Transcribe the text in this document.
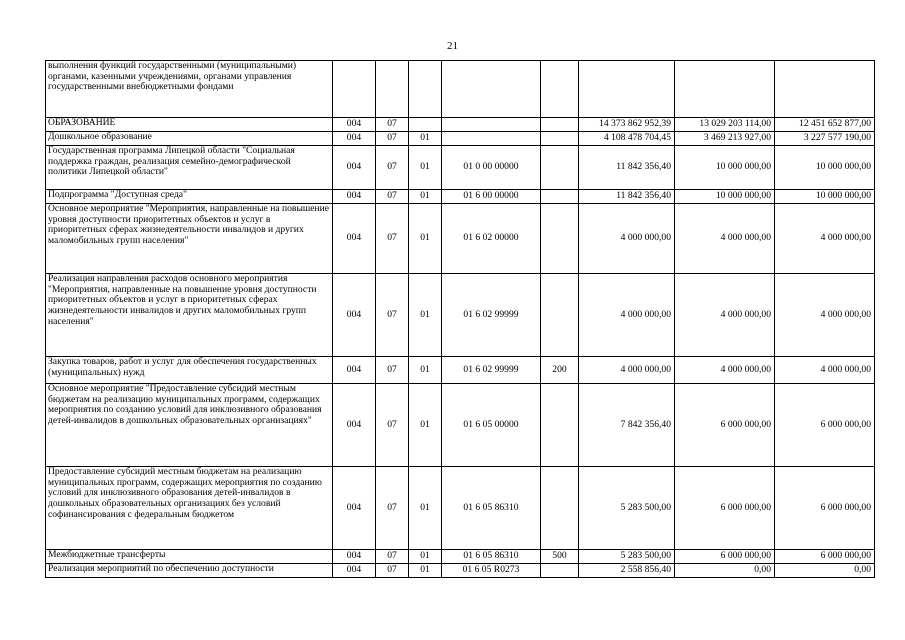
21
выполнения функций государственными (муниципальными) органами, казенными учреждениями, органами управления государственными внебюджетными фондами								
ОБРАЗОВАНИЕ	004	07				14 373 862 952,39	13 029 203 114,00	12 451 652 877,00
Дошкольное образование	004	07	01			4 108 478 704,45	3 469 213 927,00	3 227 577 190,00
Государственная программа Липецкой области "Социальная поддержка граждан, реализация семейно-демографической политики Липецкой области"	004	07	01	01 0 00 00000		11 842 356,40	10 000 000,00	10 000 000,00
Подпрограмма "Доступная среда"	004	07	01	01 6 00 00000		11 842 356,40	10 000 000,00	10 000 000,00
Основное мероприятие "Мероприятия, направленные на повышение уровня доступности приоритетных объектов и услуг в приоритетных сферах жизнедеятельности инвалидов и других маломобильных групп населения"	004	07	01	01 6 02 00000		4 000 000,00	4 000 000,00	4 000 000,00
Реализация направления расходов основного мероприятия "Мероприятия, направленные на повышение уровня доступности приоритетных объектов и услуг в приоритетных сферах жизнедеятельности инвалидов и других маломобильных групп населения"	004	07	01	01 6 02 99999		4 000 000,00	4 000 000,00	4 000 000,00
Закупка товаров, работ и услуг для обеспечения государственных (муниципальных) нужд	004	07	01	01 6 02 99999	200	4 000 000,00	4 000 000,00	4 000 000,00
Основное мероприятие "Предоставление субсидий местным бюджетам на реализацию муниципальных программ, содержащих мероприятия по созданию условий для инклюзивного образования детей-инвалидов в дошкольных образовательных организациях"	004	07	01	01 6 05 00000		7 842 356,40	6 000 000,00	6 000 000,00
Предоставление субсидий местным бюджетам на реализацию муниципальных программ, содержащих мероприятия по созданию условий для инклюзивного образования детей-инвалидов в дошкольных образовательных организациях без условий софинансирования с федеральным бюджетом	004	07	01	01 6 05 86310		5 283 500,00	6 000 000,00	6 000 000,00
Межбюджетные трансферты	004	07	01	01 6 05 86310	500	5 283 500,00	6 000 000,00	6 000 000,00
Реализация мероприятий по обеспечению доступности	004	07	01	01 6 05 R0273		2 558 856,40	0,00	0,00
